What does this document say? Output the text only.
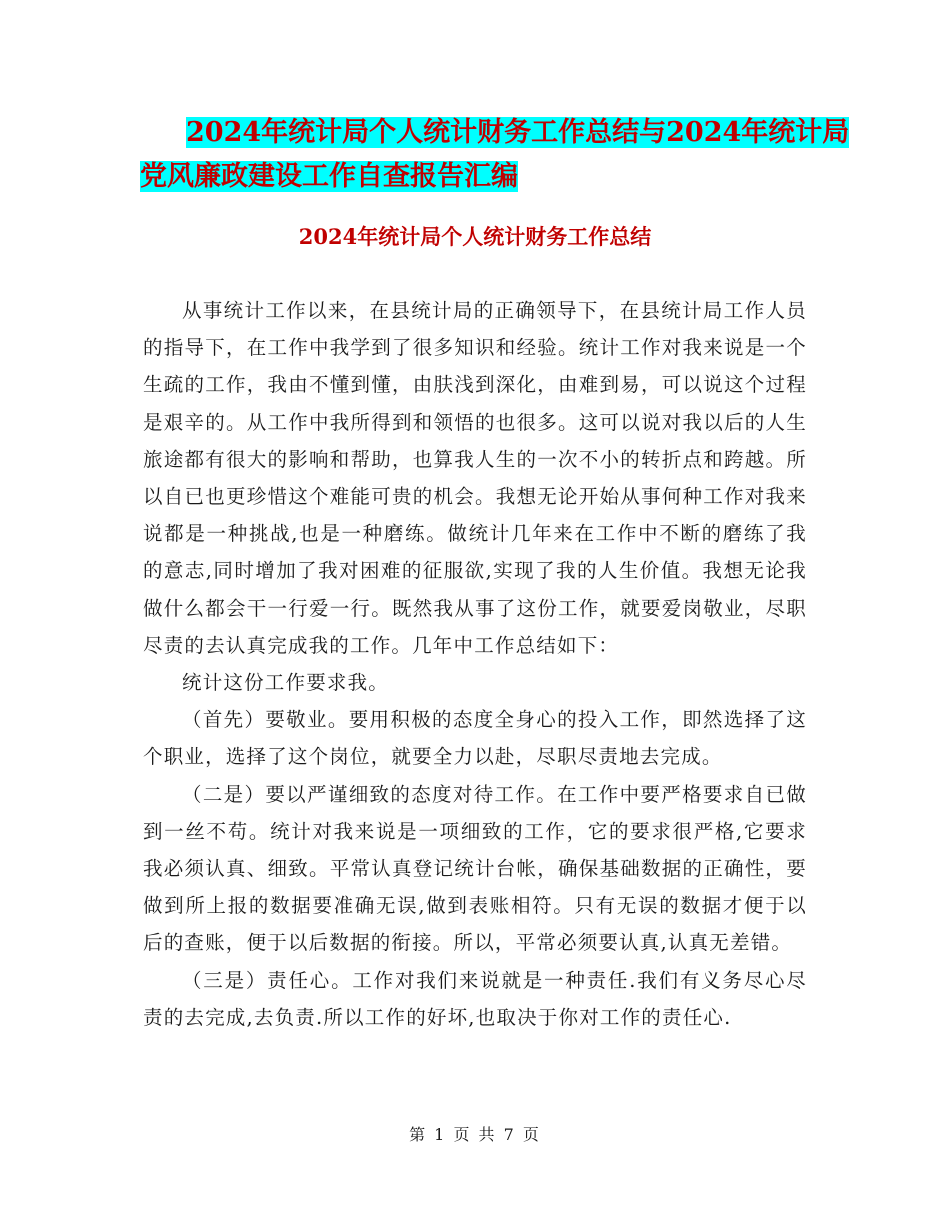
2024年统计局个人统计财务工作总结与2024年统计局
党风廉政建设工作自查报告汇编
2024年统计局个人统计财务工作总结

从事统计工作以来，在县统计局的正确领导下，在县统计局工作人员的指导下，在工作中我学到了很多知识和经验。统计工作对我来说是一个生疏的工作，我由不懂到懂，由肤浅到深化，由难到易，可以说这个过程是艰辛的。从工作中我所得到和领悟的也很多。这可以说对我以后的人生旅途都有很大的影响和帮助，也算我人生的一次不小的转折点和跨越。所以自已也更珍惜这个难能可贵的机会。我想无论开始从事何种工作对我来说都是一种挑战,也是一种磨练。做统计几年来在工作中不断的磨练了我的意志,同时增加了我对困难的征服欲,实现了我的人生价值。我想无论我做什么都会干一行爱一行。既然我从事了这份工作，就要爱岗敬业，尽职尽责的去认真完成我的工作。几年中工作总结如下：

统计这份工作要求我。

（首先）要敬业。要用积极的态度全身心的投入工作，即然选择了这个职业，选择了这个岗位，就要全力以赴，尽职尽责地去完成。

（二是）要以严谨细致的态度对待工作。在工作中要严格要求自已做到一丝不苟。统计对我来说是一项细致的工作，它的要求很严格,它要求我必须认真、细致。平常认真登记统计台帐，确保基础数据的正确性，要做到所上报的数据要准确无误,做到表账相符。只有无误的数据才便于以后的查账，便于以后数据的衔接。所以，平常必须要认真,认真无差错。

（三是）责任心。工作对我们来说就是一种责任.我们有义务尽心尽责的去完成,去负责.所以工作的好坏,也取决于你对工作的责任心.

第 1 页 共 7 页
